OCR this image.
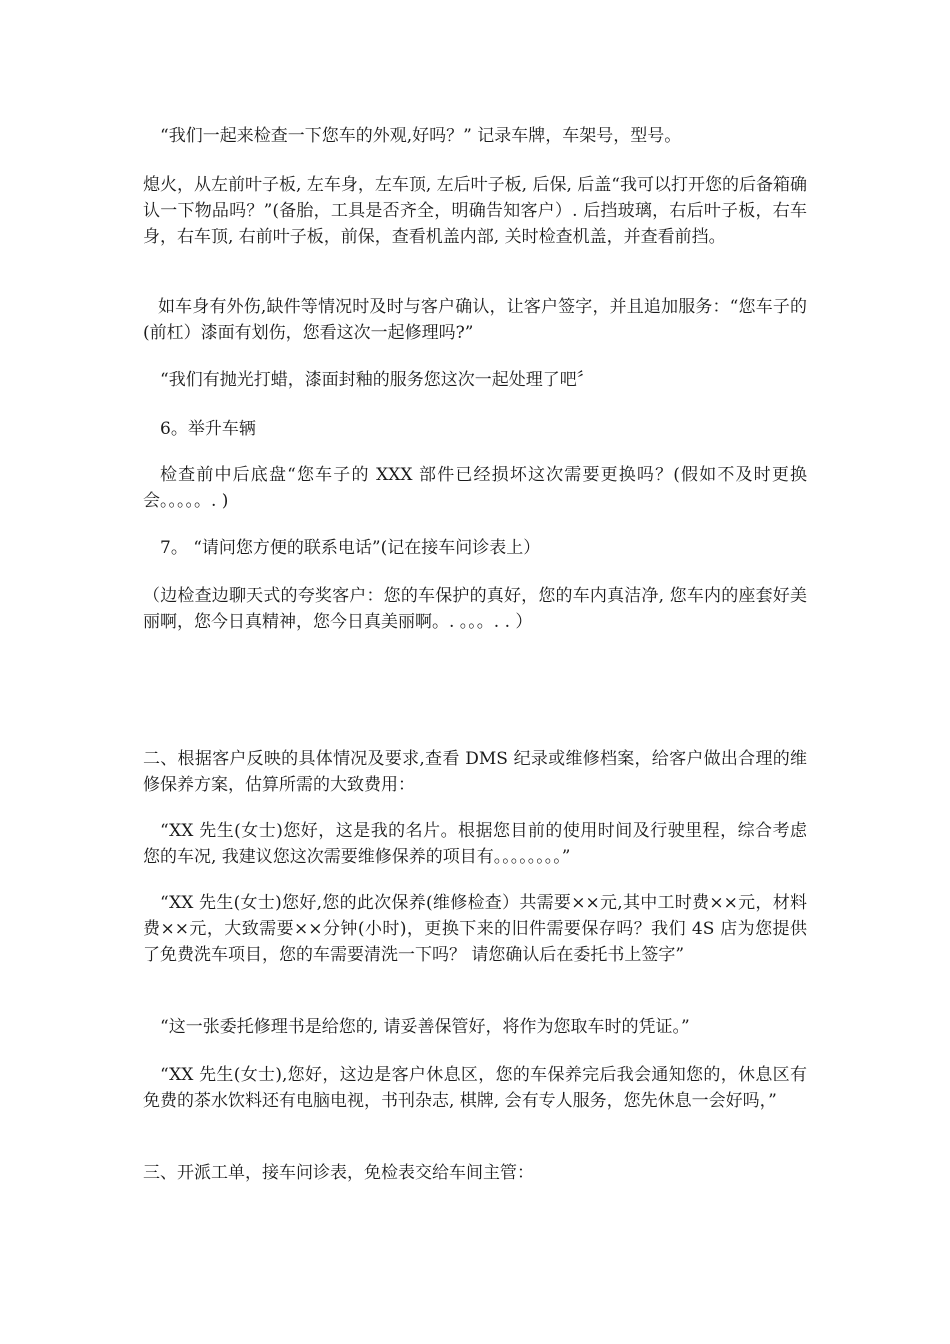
“我们一起来检查一下您车的外观,好吗？” 记录车牌，车架号，型号。

熄火，从左前叶子板, 左车身，左车顶, 左后叶子板, 后保, 后盖“我可以打开您的后备箱确认一下物品吗？”(备胎，工具是否齐全，明确告知客户）. 后挡玻璃，右后叶子板，右车身，右车顶, 右前叶子板，前保，查看机盖内部, 关时检查机盖，并查看前挡。

如车身有外伤,缺件等情况时及时与客户确认，让客户签字，并且追加服务：“您车子的(前杠）漆面有划伤，您看这次一起修理吗?”

“我们有抛光打蜡，漆面封釉的服务您这次一起处理了吧〞

6。举升车辆

检查前中后底盘“您车子的 XXX 部件已经损坏这次需要更换吗？(假如不及时更换会。。。。。. )

7。 “请问您方便的联系电话”(记在接车问诊表上）

（边检查边聊天式的夸奖客户：您的车保护的真好，您的车内真洁净, 您车内的座套好美丽啊，您今日真精神，您今日真美丽啊。. 。。。. . ）

二、根据客户反映的具体情况及要求,查看 DMS 纪录或维修档案，给客户做出合理的维修保养方案，估算所需的大致费用：

“XX 先生(女士)您好，这是我的名片。根据您目前的使用时间及行驶里程，综合考虑您的车况, 我建议您这次需要维修保养的项目有。。。。。。。。”

“XX 先生(女士)您好,您的此次保养(维修检查）共需要××元,其中工时费××元，材料费××元，大致需要××分钟(小时)，更换下来的旧件需要保存吗？我们 4S 店为您提供了免费洗车项目，您的车需要清洗一下吗？ 请您确认后在委托书上签字”

“这一张委托修理书是给您的, 请妥善保管好，将作为您取车时的凭证。”

“XX 先生(女士),您好，这边是客户休息区，您的车保养完后我会通知您的，休息区有免费的茶水饮料还有电脑电视，书刊杂志, 棋牌, 会有专人服务，您先休息一会好吗，”

三、开派工单，接车问诊表，免检表交给车间主管：
